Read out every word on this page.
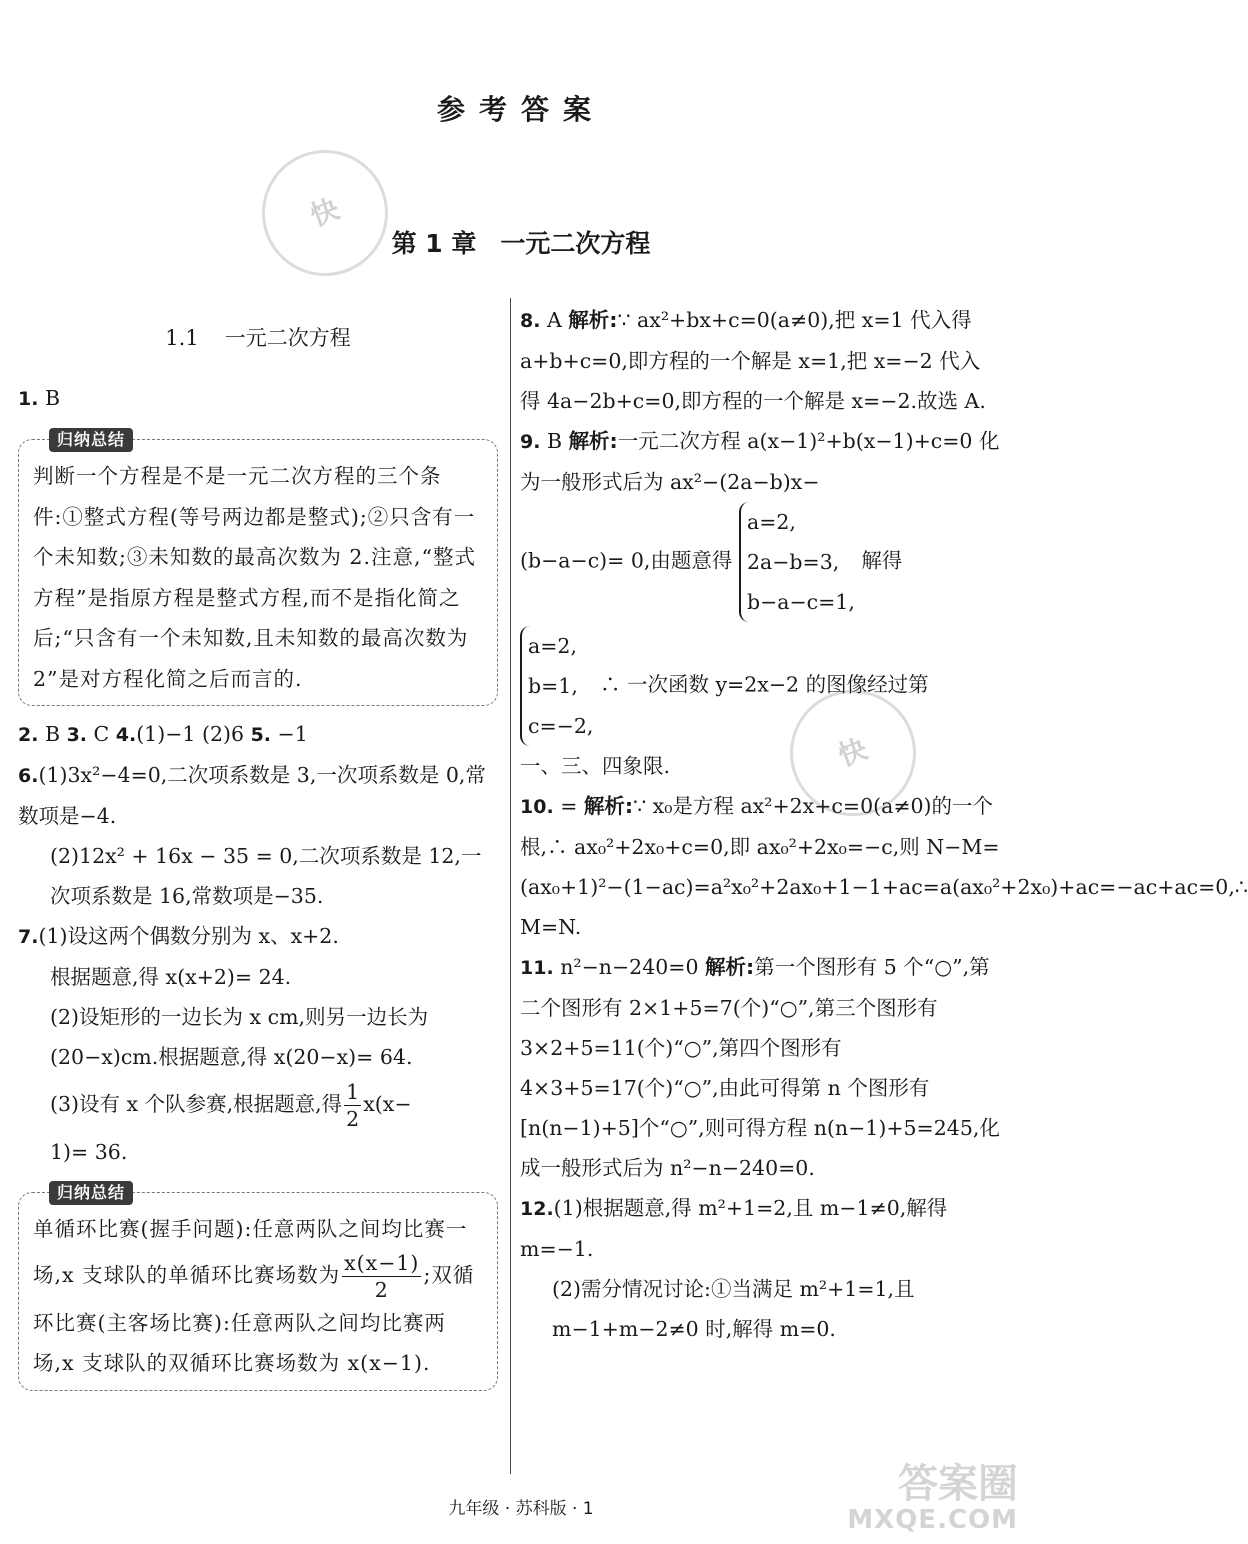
参考答案
第 1 章 一元二次方程
快
快
1.1 一元二次方程

1. B

归纳总结
判断一个方程是不是一元二次方程的三个条件:①整式方程(等号两边都是整式);②只含有一个未知数;③未知数的最高次数为 2.注意,“整式方程”是指原方程是整式方程,而不是指化简之后;“只含有一个未知数,且未知数的最高次数为 2”是对方程化简之后而言的.

2. B 3. C 4.(1)−1 (2)6 5. −1

6.(1)3x²−4=0,二次项系数是 3,一次项系数是 0,常数项是−4.

(2)12x² + 16x − 35 = 0,二次项系数是 12,一次项系数是 16,常数项是−35.

7.(1)设这两个偶数分别为 x、x+2.

根据题意,得 x(x+2)= 24.

(2)设矩形的一边长为 x cm,则另一边长为(20−x)cm.根据题意,得 x(20−x)= 64.

(3)设有 x 个队参赛,根据题意,得 $\frac{1}{2} x(x-$

1)= 36.

归纳总结
单循环比赛(握手问题):任意两队之间均比赛一场,x 支球队的单循环比赛场数为 $\frac{x(x-1)}{2}$ ;双循环比赛(主客场比赛):任意两队之间均比赛两场,x 支球队的双循环比赛场数为 x(x−1).

8. A 解析:∵ ax²+bx+c=0(a≠0),把 x=1 代入得 a+b+c=0,即方程的一个解是 x=1,把 x=−2 代入得 4a−2b+c=0,即方程的一个解是 x=−2.故选 A.

9. B 解析:一元二次方程 a(x−1)²+b(x−1)+c=0 化为一般形式后为 ax²−(2a−b)x−

(b−a−c)= 0,由题意得 a=2,
2a−b=3,
b−a−c=1, 解得

a=2,
b=1,
c=−2, ∴ 一次函数 y=2x−2 的图像经过第

一、三、四象限.

10. = 解析:∵ x₀是方程 ax²+2x+c=0(a≠0)的一个根,∴ ax₀²+2x₀+c=0,即 ax₀²+2x₀=−c,则 N−M=(ax₀+1)²−(1−ac)=a²x₀²+2ax₀+1−1+ac=a(ax₀²+2x₀)+ac=−ac+ac=0,∴ M=N.

11. n²−n−240=0 解析:第一个图形有 5 个“○”,第二个图形有 2×1+5=7(个)“○”,第三个图形有 3×2+5=11(个)“○”,第四个图形有 4×3+5=17(个)“○”,由此可得第 n 个图形有[n(n−1)+5]个“○”,则可得方程 n(n−1)+5=245,化成一般形式后为 n²−n−240=0.

12.(1)根据题意,得 m²+1=2,且 m−1≠0,解得 m=−1.

(2)需分情况讨论:①当满足 m²+1=1,且 m−1+m−2≠0 时,解得 m=0.

九年级 · 苏科版 · 1
答案圈
MXQE.COM
